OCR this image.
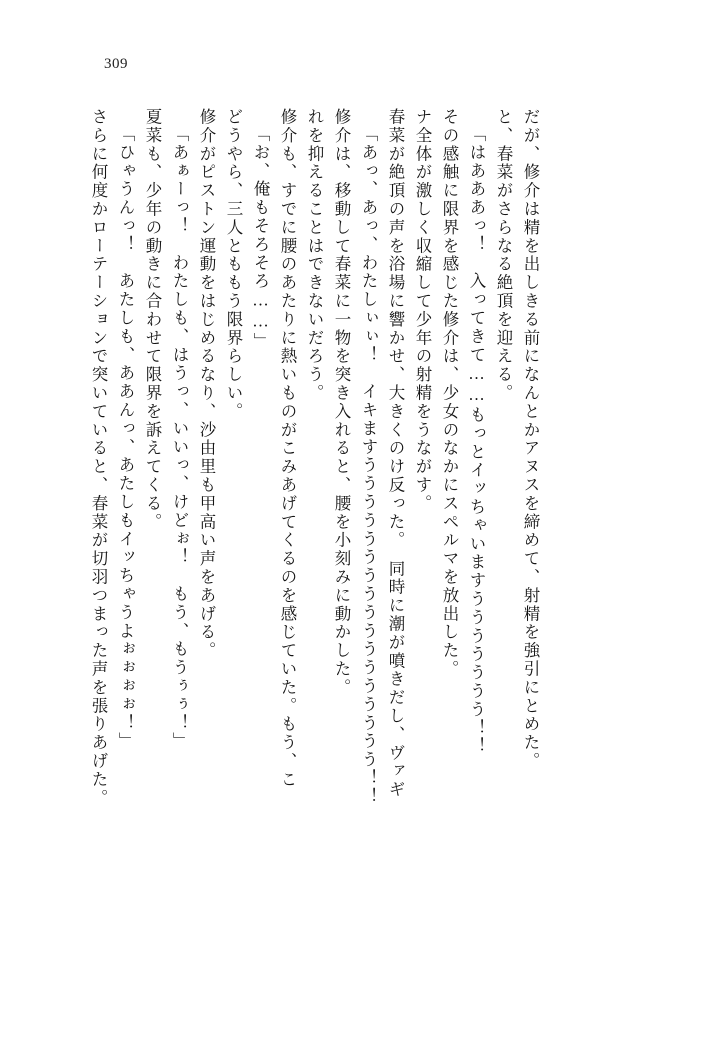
309
さらに何度かローテーションで突いていると、春菜が切羽つまった声を張りあげた。 「ひゃうんっ！　あたしも、ああんっ、あたしもイッちゃうよぉぉぉぉ！」 夏菜も、少年の動きに合わせて限界を訴えてくる。 「あぁーっ！　わたしも、はうっ、いいっ、けどぉ！　もう、もうぅぅ！」 修介がピストン運動をはじめるなり、沙由里も甲高い声をあげる。 どうやら、三人とももう限界らしい。 「お、俺もそろそろ……」 修介も、すでに腰のあたりに熱いものがこみあげてくるのを感じていた。もう、こ れを抑えることはできないだろう。 修介は、移動して春菜に一物を突き入れると、腰を小刻みに動かした。 「あっ、あっ、わたしぃぃ！　イキますううううううううううううううううう！！ 春菜が絶頂の声を浴場に響かせ、大きくのけ反った。　同時に潮が噴きだし、ヴァギ ナ全体が激しく収縮して少年の射精をうながす。 その感触に限界を感じた修介は、少女のなかにスペルマを放出した。 「はあああっ！　入ってきて……もっとイッちゃいますううううううう！！ と、春菜がさらなる絶頂を迎える。 だが、修介は精を出しきる前になんとかアヌスを締めて、射精を強引にとめた。
